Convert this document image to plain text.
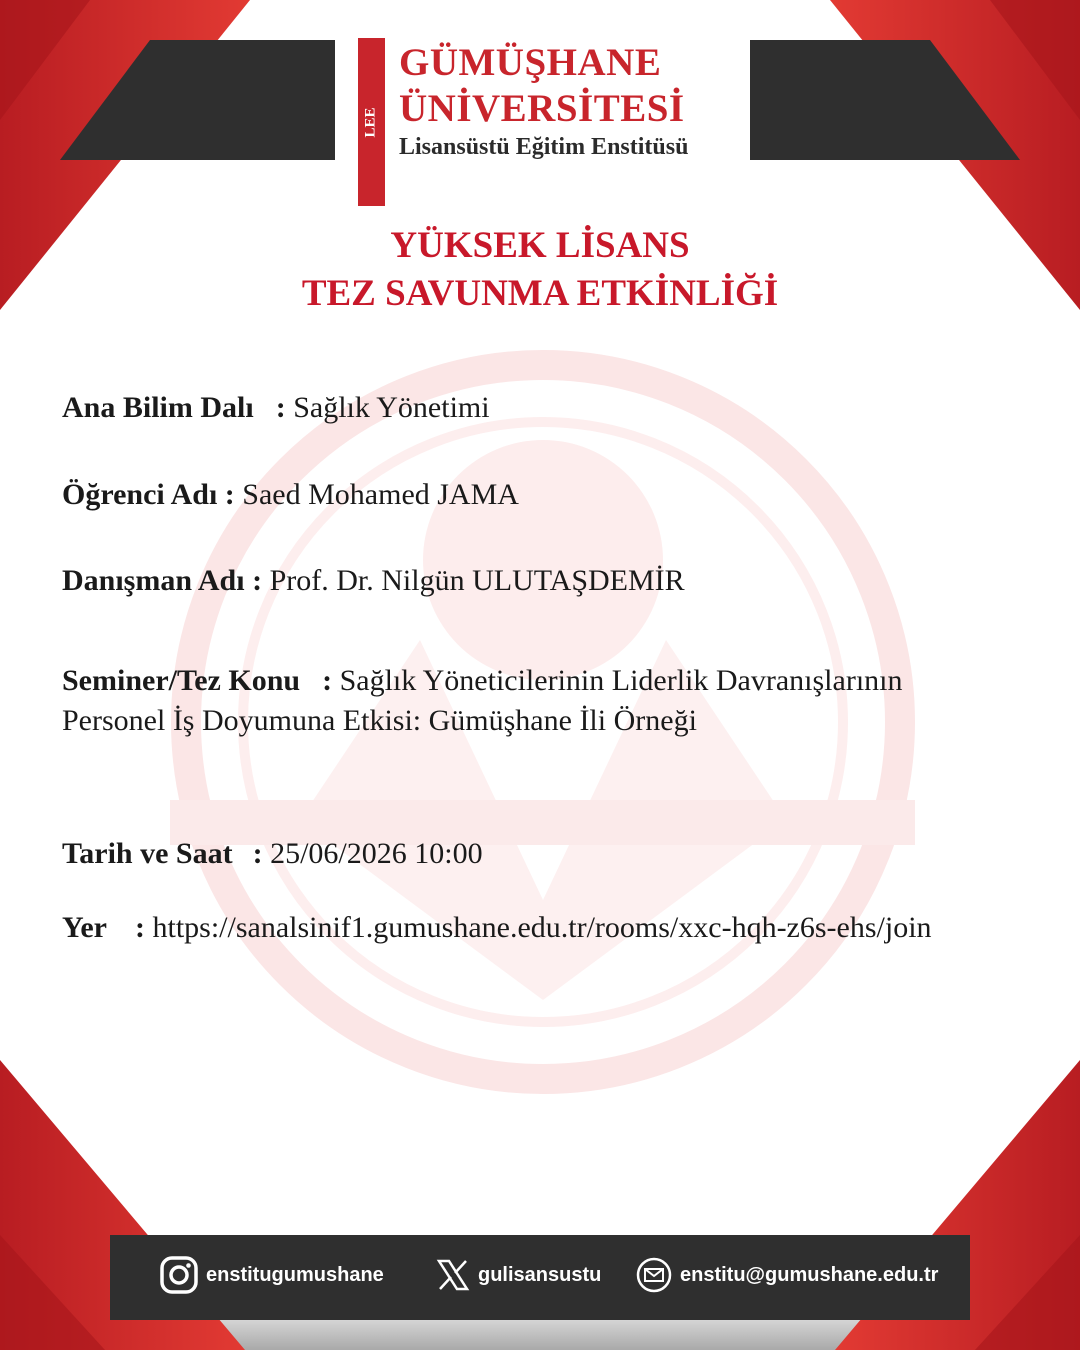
LEE
GÜMÜŞHANE
ÜNİVERSİTESİ
Lisansüstü Eğitim Enstitüsü
YÜKSEK LİSANS
TEZ SAVUNMA ETKİNLİĞİ
Ana Bilim Dalı : Sağlık Yönetimi
Öğrenci Adı : Saed Mohamed JAMA
Danışman Adı : Prof. Dr. Nilgün ULUTAŞDEMİR
Seminer/Tez Konu : Sağlık Yöneticilerinin Liderlik Davranışlarının
Personel İş Doyumuna Etkisi: Gümüşhane İli Örneği
Tarih ve Saat : 25/06/2026 10:00
Yer : https://sanalsinif1.gumushane.edu.tr/rooms/xxc-hqh-z6s-ehs/join
enstitugumushane	gulisansustu	enstitu@gumushane.edu.tr
